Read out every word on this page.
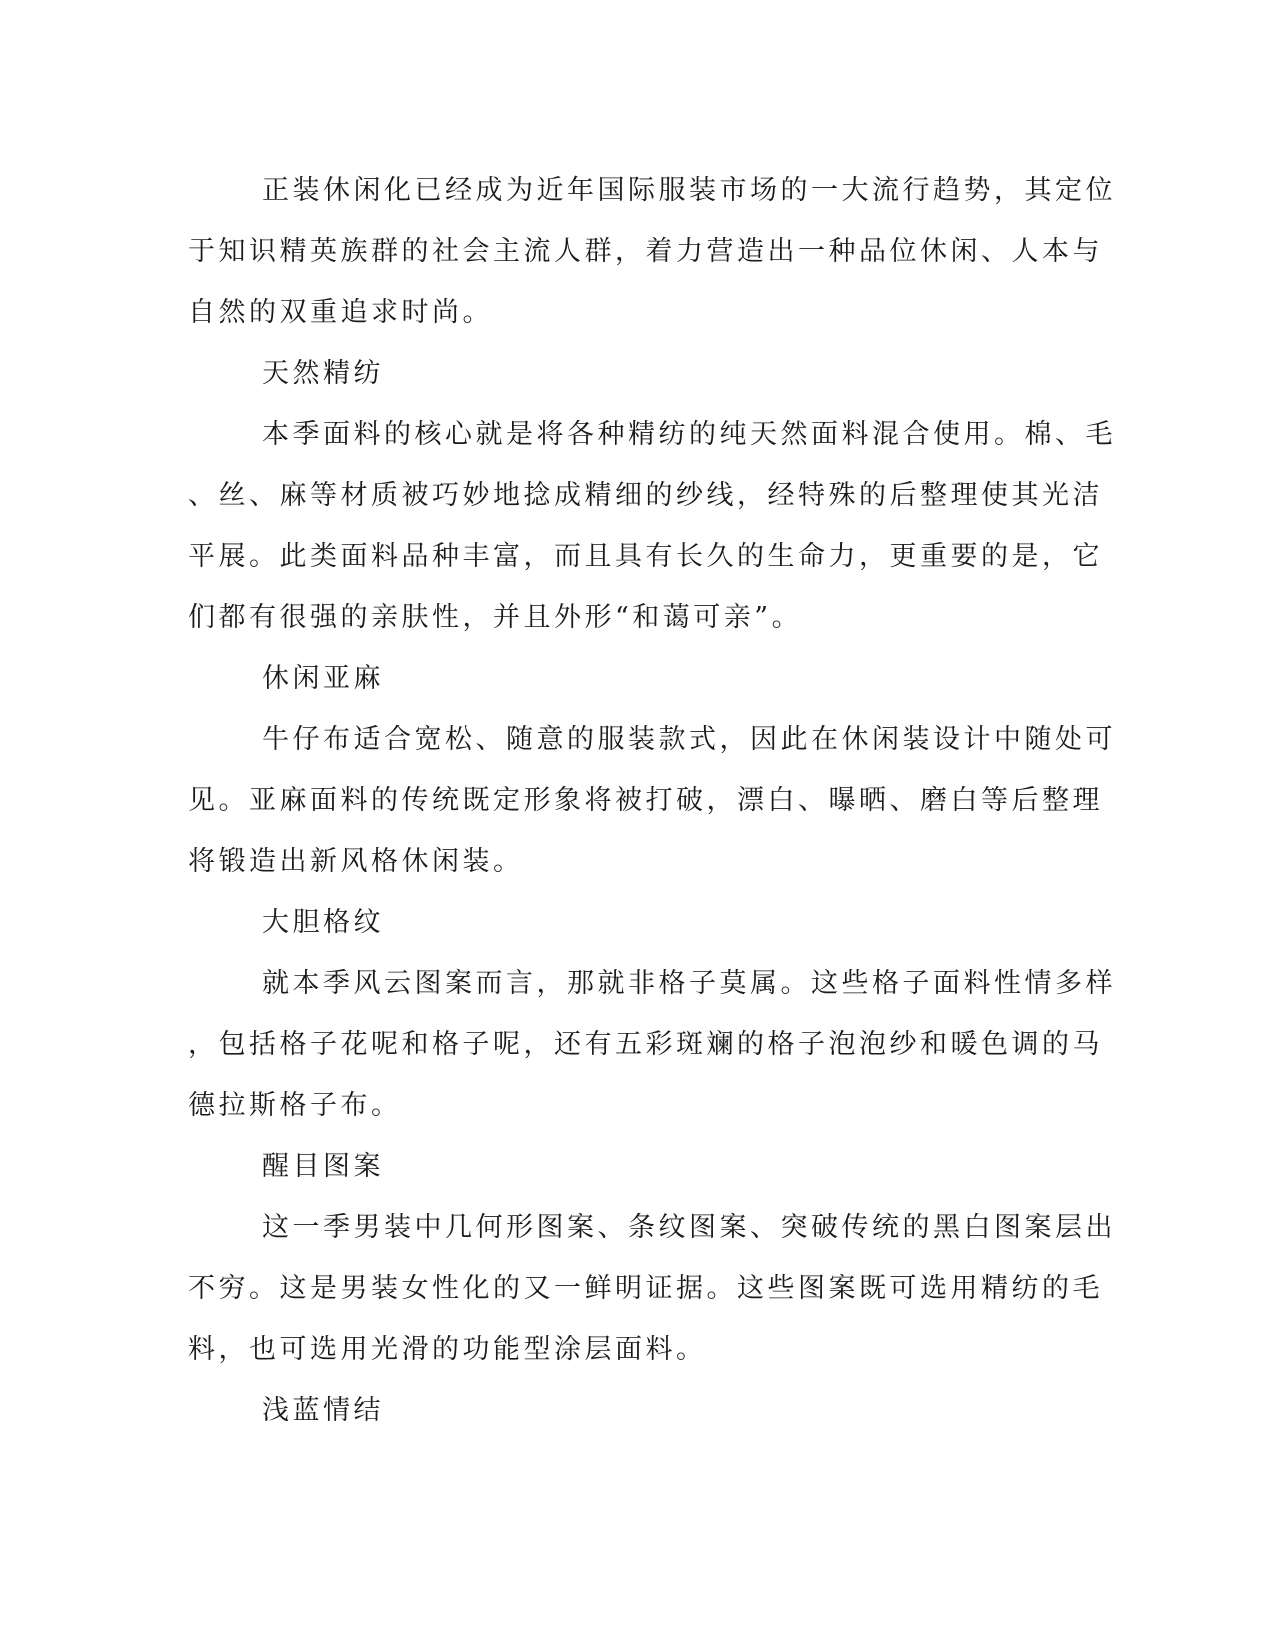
正装休闲化已经成为近年国际服装市场的一大流行趋势，其定位
于知识精英族群的社会主流人群，着力营造出一种品位休闲、人本与
自然的双重追求时尚。

天然精纺

本季面料的核心就是将各种精纺的纯天然面料混合使用。棉、毛
、丝、麻等材质被巧妙地捻成精细的纱线，经特殊的后整理使其光洁
平展。此类面料品种丰富，而且具有长久的生命力，更重要的是，它
们都有很强的亲肤性，并且外形“和蔼可亲”。

休闲亚麻

牛仔布适合宽松、随意的服装款式，因此在休闲装设计中随处可
见。亚麻面料的传统既定形象将被打破，漂白、曝晒、磨白等后整理
将锻造出新风格休闲装。

大胆格纹

就本季风云图案而言，那就非格子莫属。这些格子面料性情多样
，包括格子花呢和格子呢，还有五彩斑斓的格子泡泡纱和暖色调的马
德拉斯格子布。

醒目图案

这一季男装中几何形图案、条纹图案、突破传统的黑白图案层出
不穷。这是男装女性化的又一鲜明证据。这些图案既可选用精纺的毛
料，也可选用光滑的功能型涂层面料。

浅蓝情结
